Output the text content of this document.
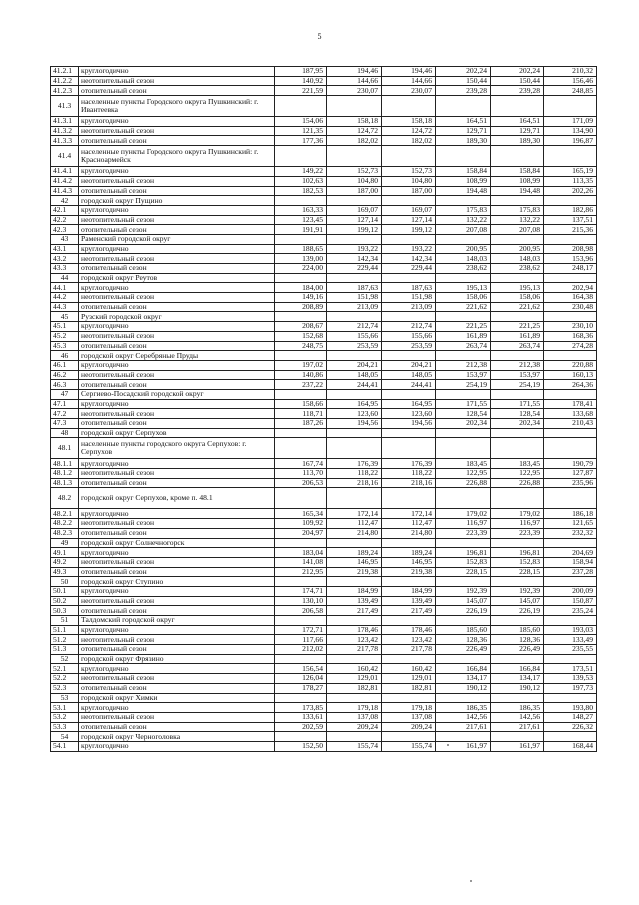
5
41.2.1	круглогодично	187,95	194,46	194,46	202,24	202,24	210,32
41.2.2	неотопительный сезон	140,92	144,66	144,66	150,44	150,44	156,46
41.2.3	отопительный сезон	221,59	230,07	230,07	239,28	239,28	248,85
41.3	населенные пункты Городского округа Пушкинский: г. Ивантеевка						
41.3.1	круглогодично	154,06	158,18	158,18	164,51	164,51	171,09
41.3.2	неотопительный сезон	121,35	124,72	124,72	129,71	129,71	134,90
41.3.3	отопительный сезон	177,36	182,02	182,02	189,30	189,30	196,87
41.4	населенные пункты Городского округа Пушкинский: г. Красноармейск						
41.4.1	круглогодично	149,22	152,73	152,73	158,84	158,84	165,19
41.4.2	неотопительный сезон	102,63	104,80	104,80	108,99	108,99	113,35
41.4.3	отопительный сезон	182,53	187,00	187,00	194,48	194,48	202,26
42	городской округ Пущино						
42.1	круглогодично	163,33	169,07	169,07	175,83	175,83	182,86
42.2	неотопительный сезон	123,45	127,14	127,14	132,22	132,22	137,51
42.3	отопительный сезон	191,91	199,12	199,12	207,08	207,08	215,36
43	Раменский городской округ						
43.1	круглогодично	188,65	193,22	193,22	200,95	200,95	208,98
43.2	неотопительный сезон	139,00	142,34	142,34	148,03	148,03	153,96
43.3	отопительный сезон	224,00	229,44	229,44	238,62	238,62	248,17
44	городской округ Реутов						
44.1	круглогодично	184,00	187,63	187,63	195,13	195,13	202,94
44.2	неотопительный сезон	149,16	151,98	151,98	158,06	158,06	164,38
44.3	отопительный сезон	208,89	213,09	213,09	221,62	221,62	230,48
45	Рузский городской округ						
45.1	круглогодично	208,67	212,74	212,74	221,25	221,25	230,10
45.2	неотопительный сезон	152,68	155,66	155,66	161,89	161,89	168,36
45.3	отопительный сезон	248,75	253,59	253,59	263,74	263,74	274,28
46	городской округ Серебряные Пруды						
46.1	круглогодично	197,02	204,21	204,21	212,38	212,38	220,88
46.2	неотопительный сезон	140,86	148,05	148,05	153,97	153,97	160,13
46.3	отопительный сезон	237,22	244,41	244,41	254,19	254,19	264,36
47	Сергиево-Посадский городской округ						
47.1	круглогодично	158,66	164,95	164,95	171,55	171,55	178,41
47.2	неотопительный сезон	118,71	123,60	123,60	128,54	128,54	133,68
47.3	отопительный сезон	187,26	194,56	194,56	202,34	202,34	210,43
48	городской округ Серпухов						
48.1	населенные пункты городского округа Серпухов: г. Серпухов						
48.1.1	круглогодично	167,74	176,39	176,39	183,45	183,45	190,79
48.1.2	неотопительный сезон	113,70	118,22	118,22	122,95	122,95	127,87
48.1.3	отопительный сезон	206,53	218,16	218,16	226,88	226,88	235,96
48.2	городской округ Серпухов, кроме п. 48.1						
48.2.1	круглогодично	165,34	172,14	172,14	179,02	179,02	186,18
48.2.2	неотопительный сезон	109,92	112,47	112,47	116,97	116,97	121,65
48.2.3	отопительный сезон	204,97	214,80	214,80	223,39	223,39	232,32
49	городской округ Солнечногорск						
49.1	круглогодично	183,04	189,24	189,24	196,81	196,81	204,69
49.2	неотопительный сезон	141,08	146,95	146,95	152,83	152,83	158,94
49.3	отопительный сезон	212,95	219,38	219,38	228,15	228,15	237,28
50	городской округ Ступино						
50.1	круглогодично	174,71	184,99	184,99	192,39	192,39	200,09
50.2	неотопительный сезон	130,10	139,49	139,49	145,07	145,07	150,87
50.3	отопительный сезон	206,58	217,49	217,49	226,19	226,19	235,24
51	Талдомский городской округ						
51.1	круглогодично	172,71	178,46	178,46	185,60	185,60	193,03
51.2	неотопительный сезон	117,66	123,42	123,42	128,36	128,36	133,49
51.3	отопительный сезон	212,02	217,78	217,78	226,49	226,49	235,55
52	городской округ Фрязино						
52.1	круглогодично	156,54	160,42	160,42	166,84	166,84	173,51
52.2	неотопительный сезон	126,04	129,01	129,01	134,17	134,17	139,53
52.3	отопительный сезон	178,27	182,81	182,81	190,12	190,12	197,73
53	городской округ Химки						
53.1	круглогодично	173,85	179,18	179,18	186,35	186,35	193,80
53.2	неотопительный сезон	133,61	137,08	137,08	142,56	142,56	148,27
53.3	отопительный сезон	202,59	209,24	209,24	217,61	217,61	226,32
54	городской округ Черноголовка						
54.1	круглогодично	152,50	155,74	155,74	161,97	161,97	168,44
